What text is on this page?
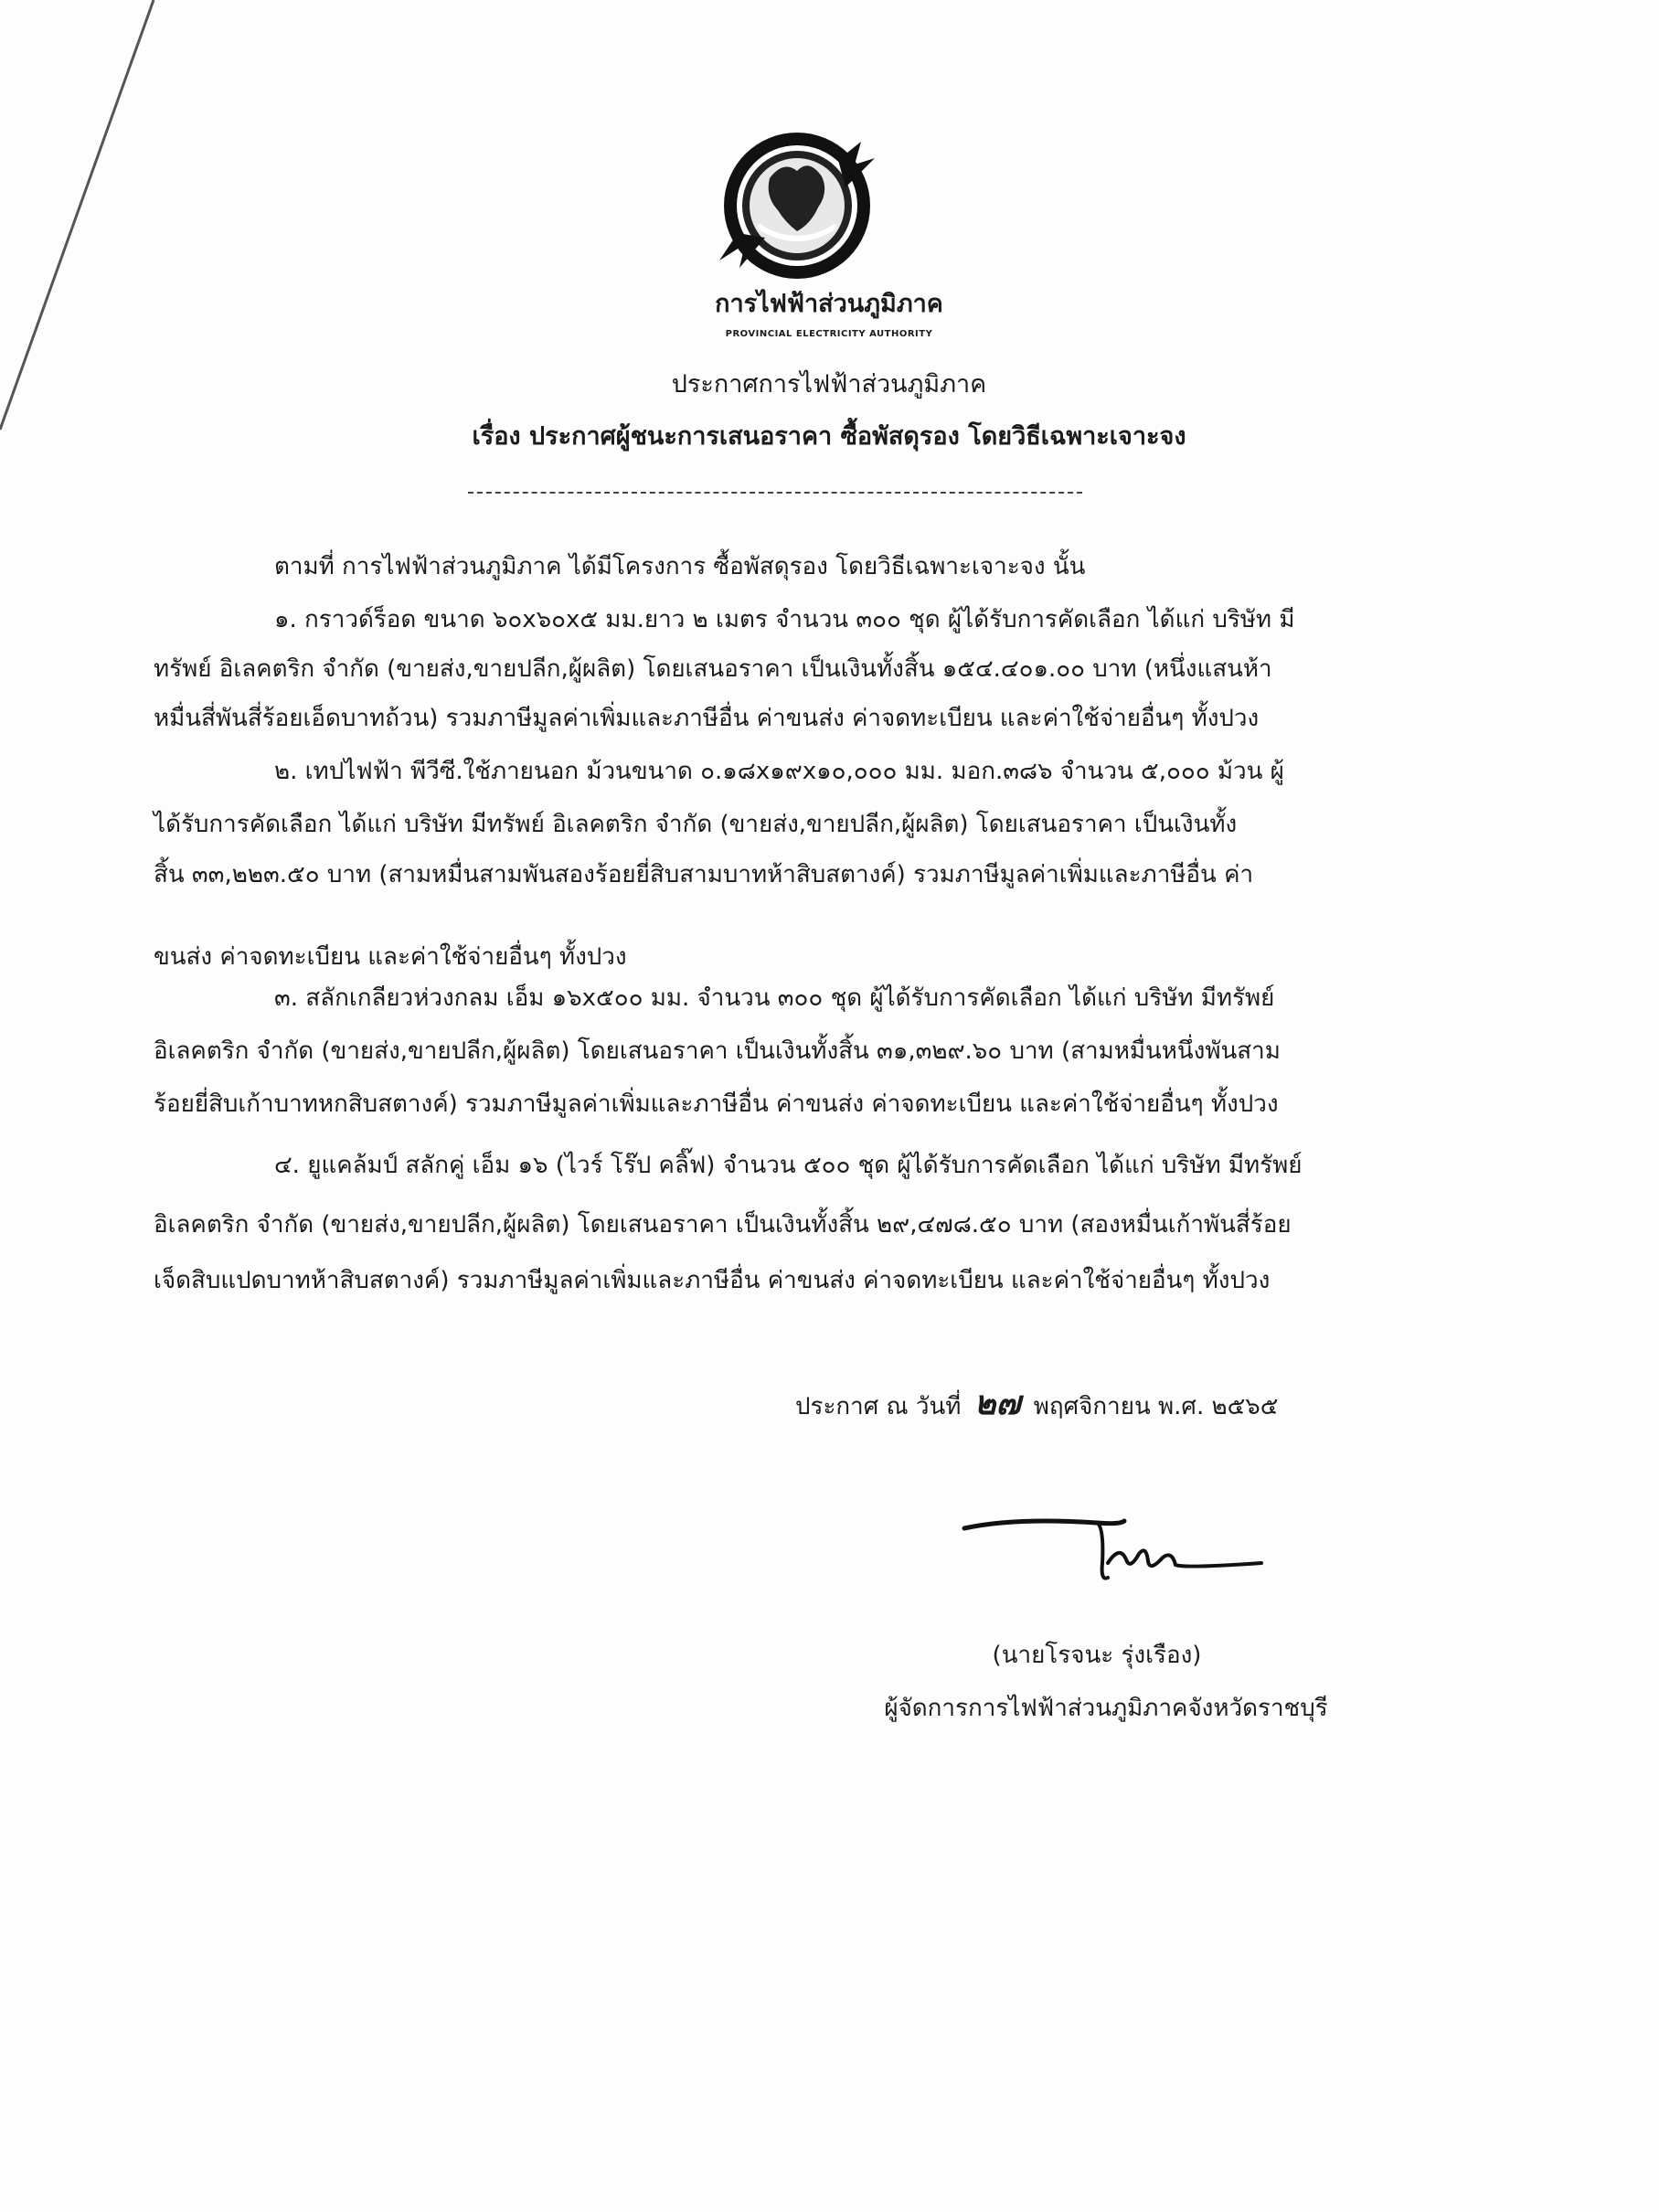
การไฟฟ้าส่วนภูมิภาค

PROVINCIAL ELECTRICITY AUTHORITY

ประกาศการไฟฟ้าส่วนภูมิภาค

เรื่อง ประกาศผู้ชนะการเสนอราคา ซื้อพัสดุรอง โดยวิธีเฉพาะเจาะจง

ตามที่ การไฟฟ้าส่วนภูมิภาค ได้มีโครงการ ซื้อพัสดุรอง โดยวิธีเฉพาะเจาะจง นั้น

๑. กราวด์ร็อด ขนาด ๖๐x๖๐x๕ มม.ยาว ๒ เมตร จำนวน ๓๐๐ ชุด ผู้ได้รับการคัดเลือก ได้แก่ บริษัท มี

ทรัพย์ อิเลคตริก จำกัด (ขายส่ง,ขายปลีก,ผู้ผลิต) โดยเสนอราคา เป็นเงินทั้งสิ้น ๑๕๔.๔๐๑.๐๐ บาท (หนึ่งแสนห้า

หมื่นสี่พันสี่ร้อยเอ็ดบาทถ้วน) รวมภาษีมูลค่าเพิ่มและภาษีอื่น ค่าขนส่ง ค่าจดทะเบียน และค่าใช้จ่ายอื่นๆ ทั้งปวง

๒. เทปไฟฟ้า พีวีซี.ใช้ภายนอก ม้วนขนาด ๐.๑๘x๑๙x๑๐,๐๐๐ มม. มอก.๓๘๖ จำนวน ๕,๐๐๐ ม้วน ผู้

ได้รับการคัดเลือก ได้แก่ บริษัท มีทรัพย์ อิเลคตริก จำกัด (ขายส่ง,ขายปลีก,ผู้ผลิต) โดยเสนอราคา เป็นเงินทั้ง

สิ้น ๓๓,๒๒๓.๕๐ บาท (สามหมื่นสามพันสองร้อยยี่สิบสามบาทห้าสิบสตางค์) รวมภาษีมูลค่าเพิ่มและภาษีอื่น ค่า

ขนส่ง ค่าจดทะเบียน และค่าใช้จ่ายอื่นๆ ทั้งปวง

๓. สลักเกลียวห่วงกลม เอ็ม ๑๖x๕๐๐ มม. จำนวน ๓๐๐ ชุด ผู้ได้รับการคัดเลือก ได้แก่ บริษัท มีทรัพย์

อิเลคตริก จำกัด (ขายส่ง,ขายปลีก,ผู้ผลิต) โดยเสนอราคา เป็นเงินทั้งสิ้น ๓๑,๓๒๙.๖๐ บาท (สามหมื่นหนึ่งพันสาม

ร้อยยี่สิบเก้าบาทหกสิบสตางค์) รวมภาษีมูลค่าเพิ่มและภาษีอื่น ค่าขนส่ง ค่าจดทะเบียน และค่าใช้จ่ายอื่นๆ ทั้งปวง

๔. ยูแคล้มป์ สลักคู่ เอ็ม ๑๖ (ไวร์ โร๊ป คลิ๊ฟ) จำนวน ๕๐๐ ชุด ผู้ได้รับการคัดเลือก ได้แก่ บริษัท มีทรัพย์

อิเลคตริก จำกัด (ขายส่ง,ขายปลีก,ผู้ผลิต) โดยเสนอราคา เป็นเงินทั้งสิ้น ๒๙,๔๗๘.๕๐ บาท (สองหมื่นเก้าพันสี่ร้อย

เจ็ดสิบแปดบาทห้าสิบสตางค์) รวมภาษีมูลค่าเพิ่มและภาษีอื่น ค่าขนส่ง ค่าจดทะเบียน และค่าใช้จ่ายอื่นๆ ทั้งปวง

ประกาศ ณ วันที่ ๒๗ พฤศจิกายน พ.ศ. ๒๕๖๕

(นายโรจนะ รุ่งเรือง)

ผู้จัดการการไฟฟ้าส่วนภูมิภาคจังหวัดราชบุรี
